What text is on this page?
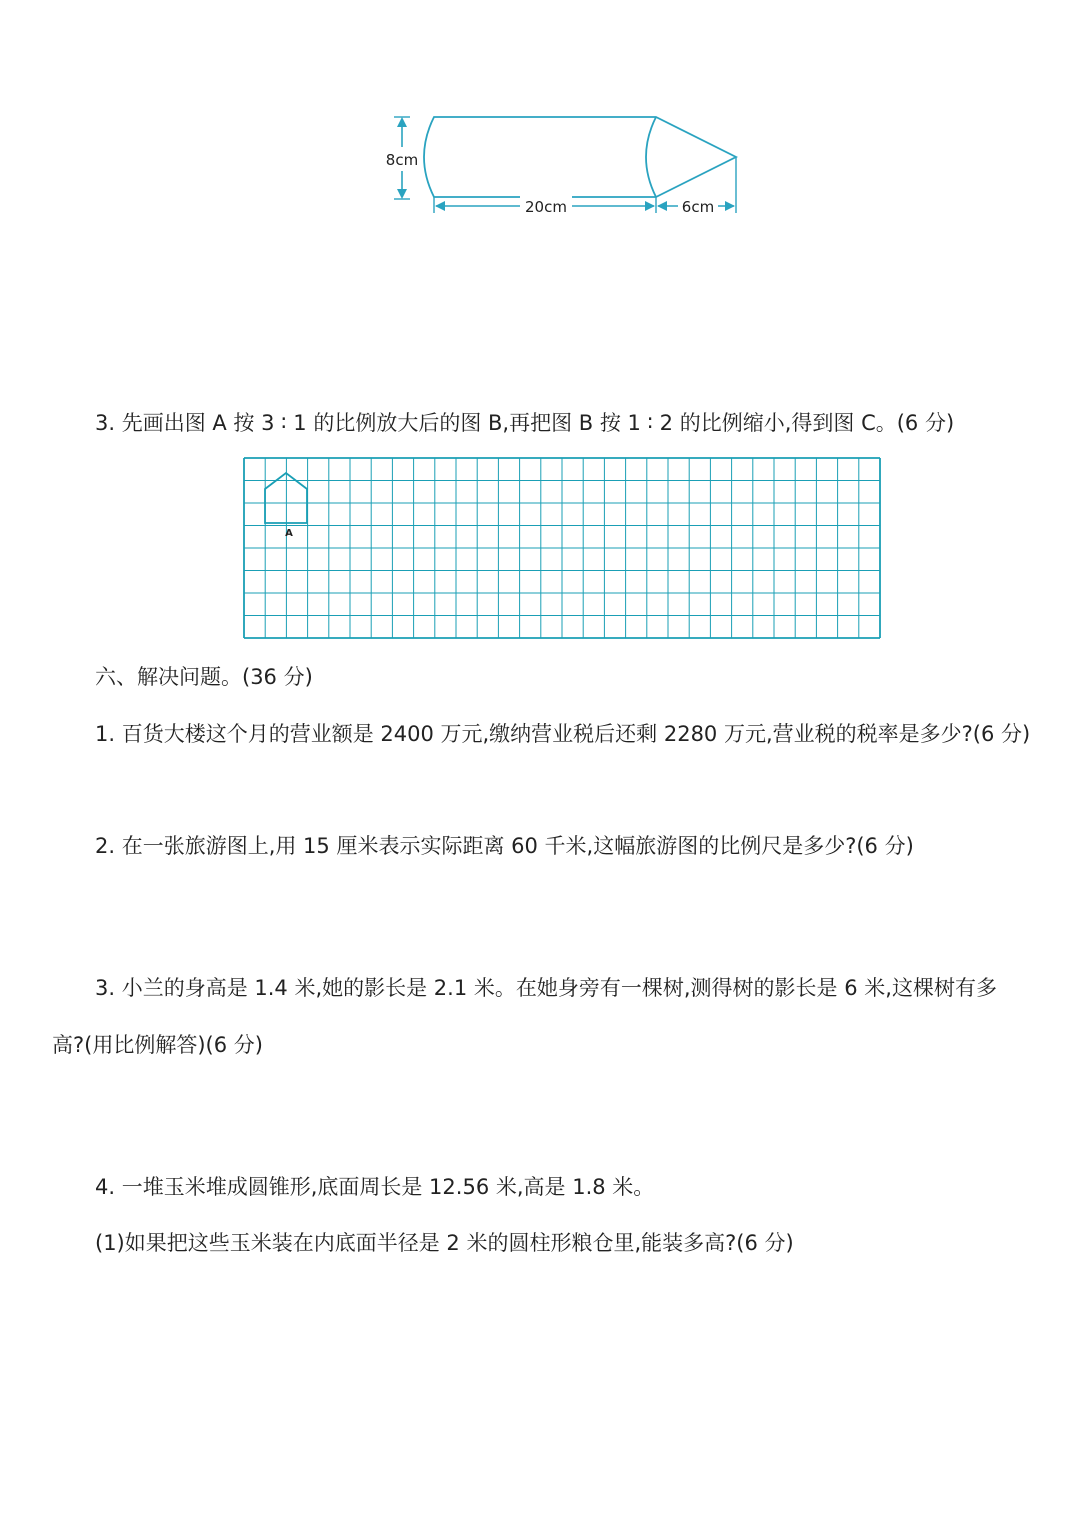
8cm
20cm	6cm
3. 先画出图 A 按 3 ∶ 1 的比例放大后的图 B,再把图 B 按 1 ∶ 2 的比例缩小,得到图 C。(6 分)
A
六、解决问题。(36 分)
1. 百货大楼这个月的营业额是 2400 万元,缴纳营业税后还剩 2280 万元,营业税的税率是多少?(6 分)
2. 在一张旅游图上,用 15 厘米表示实际距离 60 千米,这幅旅游图的比例尺是多少?(6 分)
3. 小兰的身高是 1.4 米,她的影长是 2.1 米。在她身旁有一棵树,测得树的影长是 6 米,这棵树有多
高?(用比例解答)(6 分)
4. 一堆玉米堆成圆锥形,底面周长是 12.56 米,高是 1.8 米。
(1)如果把这些玉米装在内底面半径是 2 米的圆柱形粮仓里,能装多高?(6 分)
